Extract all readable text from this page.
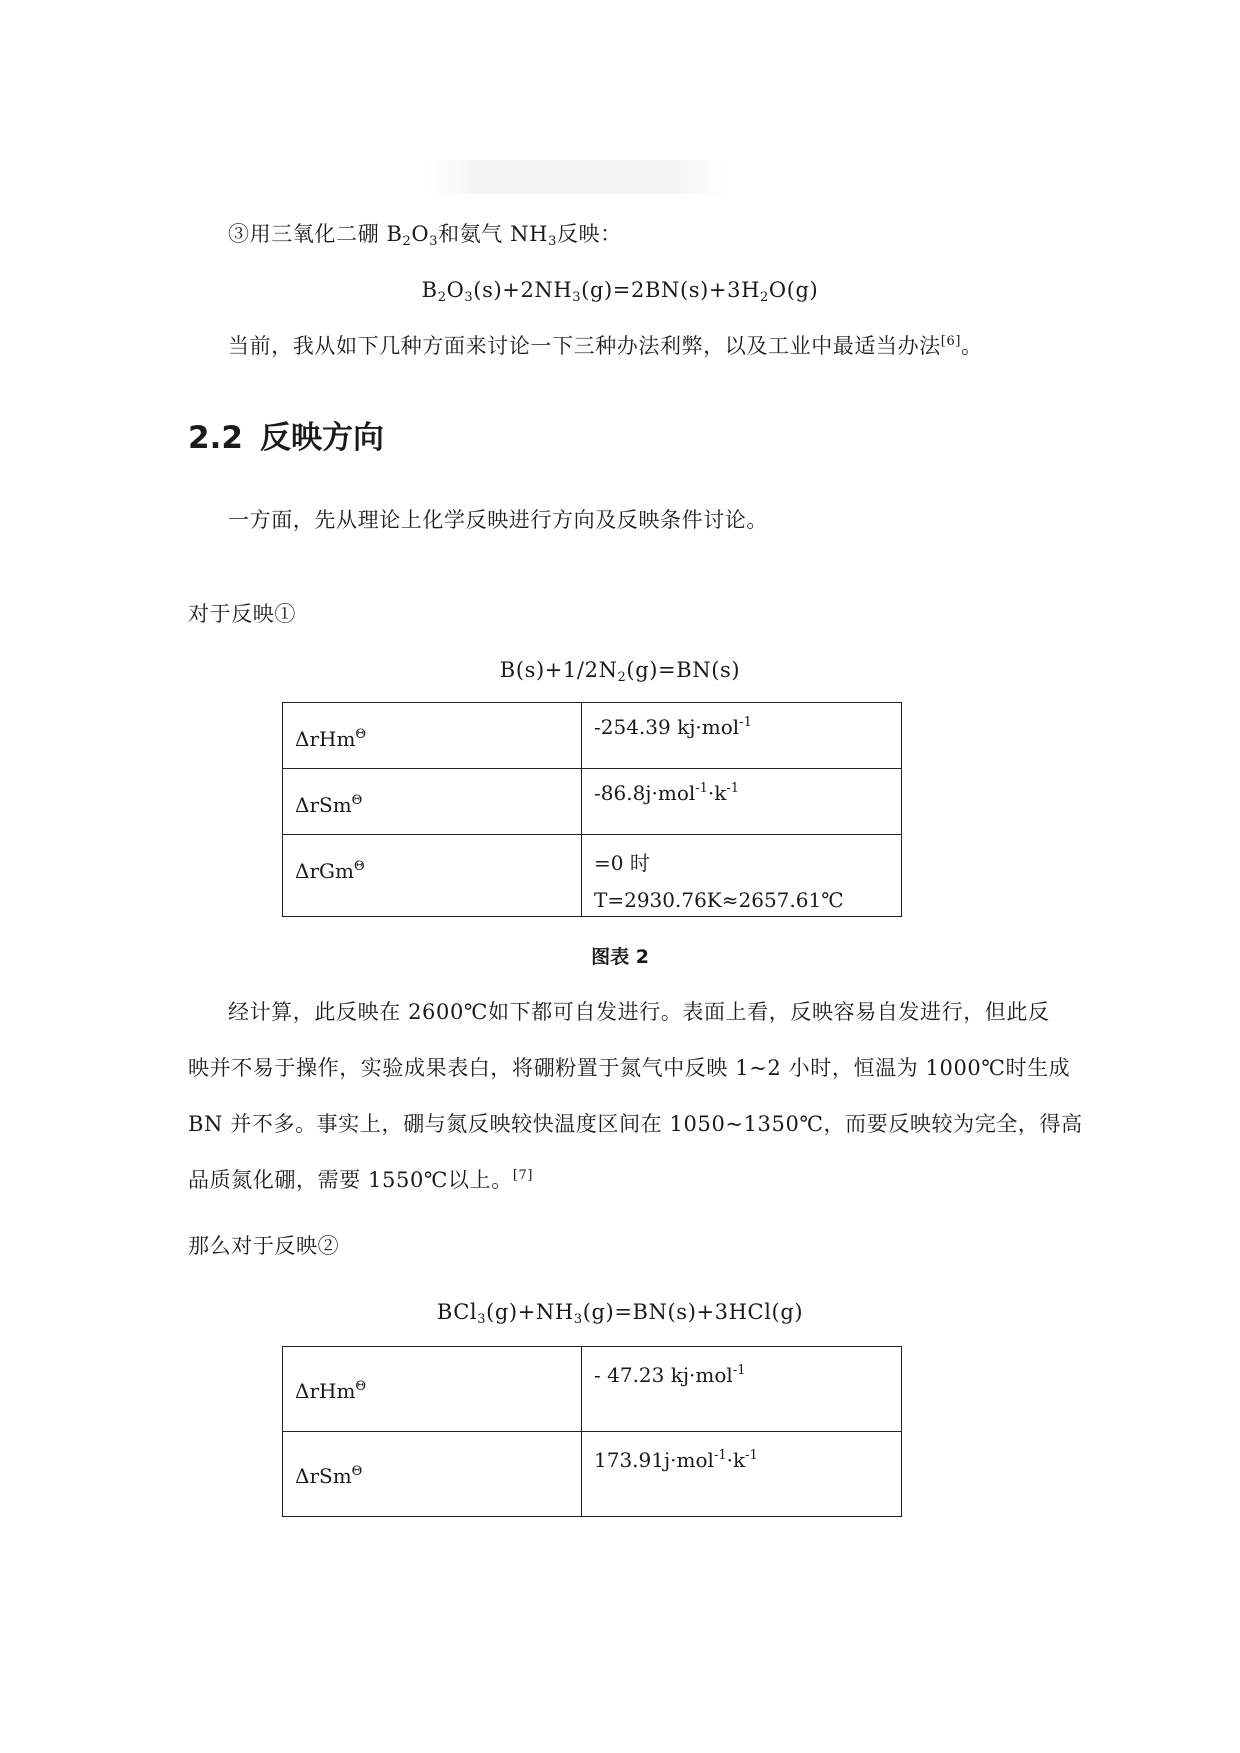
③用三氧化二硼 $B_2O_3$和氨气 $NH_3$反映：
$B_2O_3(s)+2NH_3(g)=2BN(s)+3H_2O(g)$
当前，我从如下几种方面来讨论一下三种办法利弊，以及工业中最适当办法[6]。
2.2 反映方向
一方面，先从理论上化学反映进行方向及反映条件讨论。
对于反映①
$B(s)+1/2N_2(g)=BN(s)$
ΔrHm$^\Theta$	-254.39 kj·mol$^{-1}$

ΔrSm$^\Theta$	$-86.8j\cdot mol^{-1}\cdot k^{-1}$

ΔrGm$^\Theta$	=0 时
T=2930.76K≈2657.61℃
图表 2
经计算，此反映在 2600℃如下都可自发进行。表面上看，反映容易自发进行，但此反
映并不易于操作，实验成果表白，将硼粉置于氮气中反映 1~2 小时，恒温为 1000℃时生成
BN 并不多。事实上，硼与氮反映较快温度区间在 1050~1350℃，而要反映较为完全，得高
品质氮化硼，需要 1550℃以上。[7]
那么对于反映②
$BCl_3(g)+NH_3(g)=BN(s)+3HCl(g)$
ΔrHm$^\Theta$	- 47.23 kj·mol$^{-1}$

ΔrSm$^\Theta$	$173.91j\cdot mol^{-1}\cdot k^{-1}$
